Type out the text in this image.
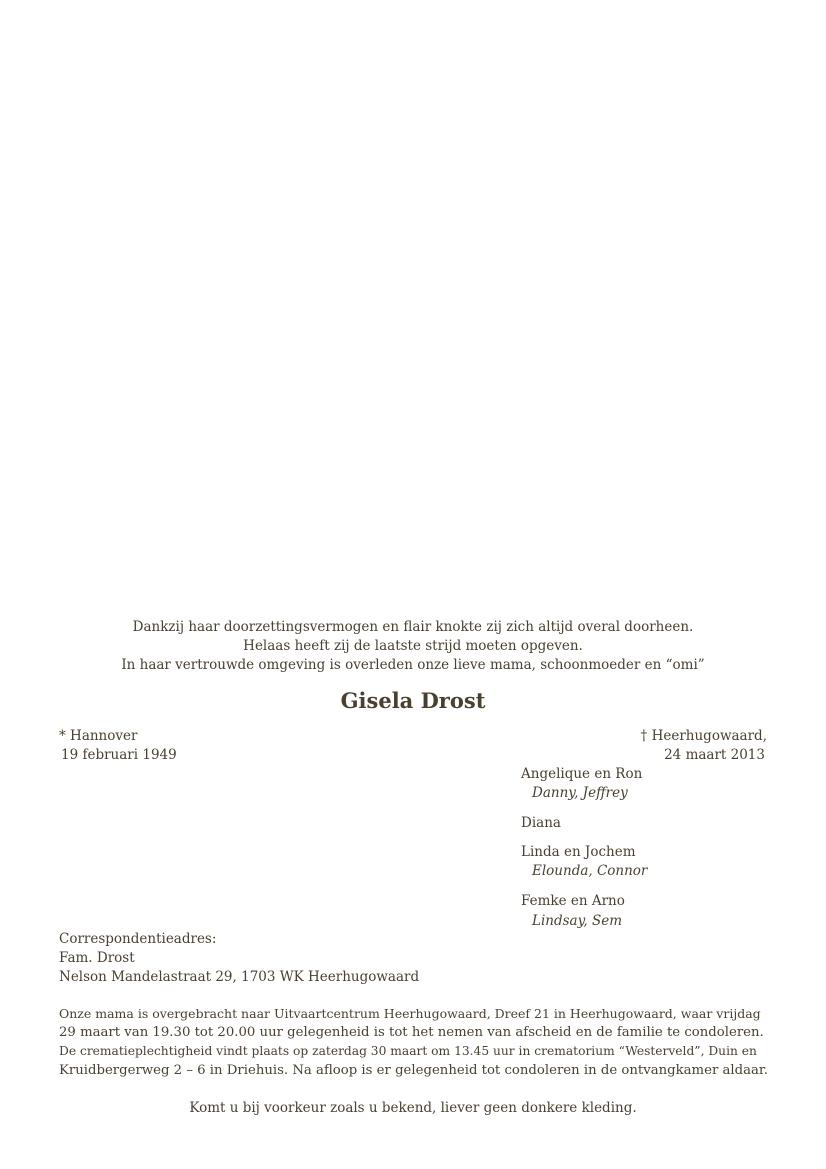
Dankzij haar doorzettingsvermogen en flair knokte zij zich altijd overal doorheen.
Helaas heeft zij de laatste strijd moeten opgeven.
In haar vertrouwde omgeving is overleden onze lieve mama, schoonmoeder en “omi”
Gisela Drost
* Hannover
19 februari 1949
† Heerhugowaard,
24 maart 2013
Angelique en Ron
Danny, Jeffrey
Diana
Linda en Jochem
Elounda, Connor
Femke en Arno
Lindsay, Sem
Correspondentieadres:
Fam. Drost
Nelson Mandelastraat 29, 1703 WK Heerhugowaard
Onze mama is overgebracht naar Uitvaartcentrum Heerhugowaard, Dreef 21 in Heerhugowaard, waar vrijdag
29 maart van 19.30 tot 20.00 uur gelegenheid is tot het nemen van afscheid en de familie te condoleren.
De crematieplechtigheid vindt plaats op zaterdag 30 maart om 13.45 uur in crematorium “Westerveld”, Duin en
Kruidbergerweg 2 – 6 in Driehuis. Na afloop is er gelegenheid tot condoleren in de ontvangkamer aldaar.
Komt u bij voorkeur zoals u bekend, liever geen donkere kleding.
